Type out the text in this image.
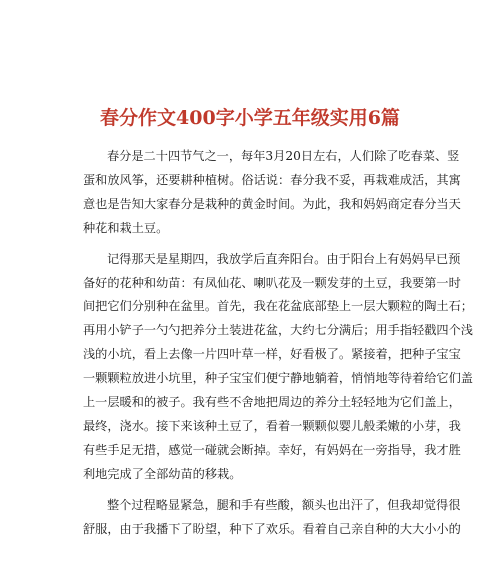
春分作文400字小学五年级实用6篇
春分是二十四节气之一，每年3月20日左右，人们除了吃春菜、竖
蛋和放风筝，还要耕种植树。俗话说：春分我不妥，再栽难成活，其寓
意也是告知大家春分是栽种的黄金时间。为此，我和妈妈商定春分当天
种花和栽土豆。
记得那天是星期四，我放学后直奔阳台。由于阳台上有妈妈早已预
备好的花种和幼苗：有凤仙花、喇叭花及一颗发芽的土豆，我要第一时
间把它们分别种在盆里。首先，我在花盆底部垫上一层大颗粒的陶土石；
再用小铲子一勺勺把养分土装进花盆，大约七分满后；用手指轻戳四个浅
浅的小坑，看上去像一片四叶草一样，好看极了。紧接着，把种子宝宝
一颗颗粒放进小坑里，种子宝宝们便宁静地躺着，悄悄地等待着给它们盖
上一层暖和的被子。我有些不舍地把周边的养分土轻轻地为它们盖上，
最终，浇水。接下来该种土豆了，看着一颗颗似婴儿般柔嫩的小芽，我
有些手足无措，感觉一碰就会断掉。幸好，有妈妈在一旁指导，我才胜
利地完成了全部幼苗的移栽。
整个过程略显紧急，腿和手有些酸，额头也出汗了，但我却觉得很
舒服，由于我播下了盼望，种下了欢乐。看着自己亲自种的大大小小的
